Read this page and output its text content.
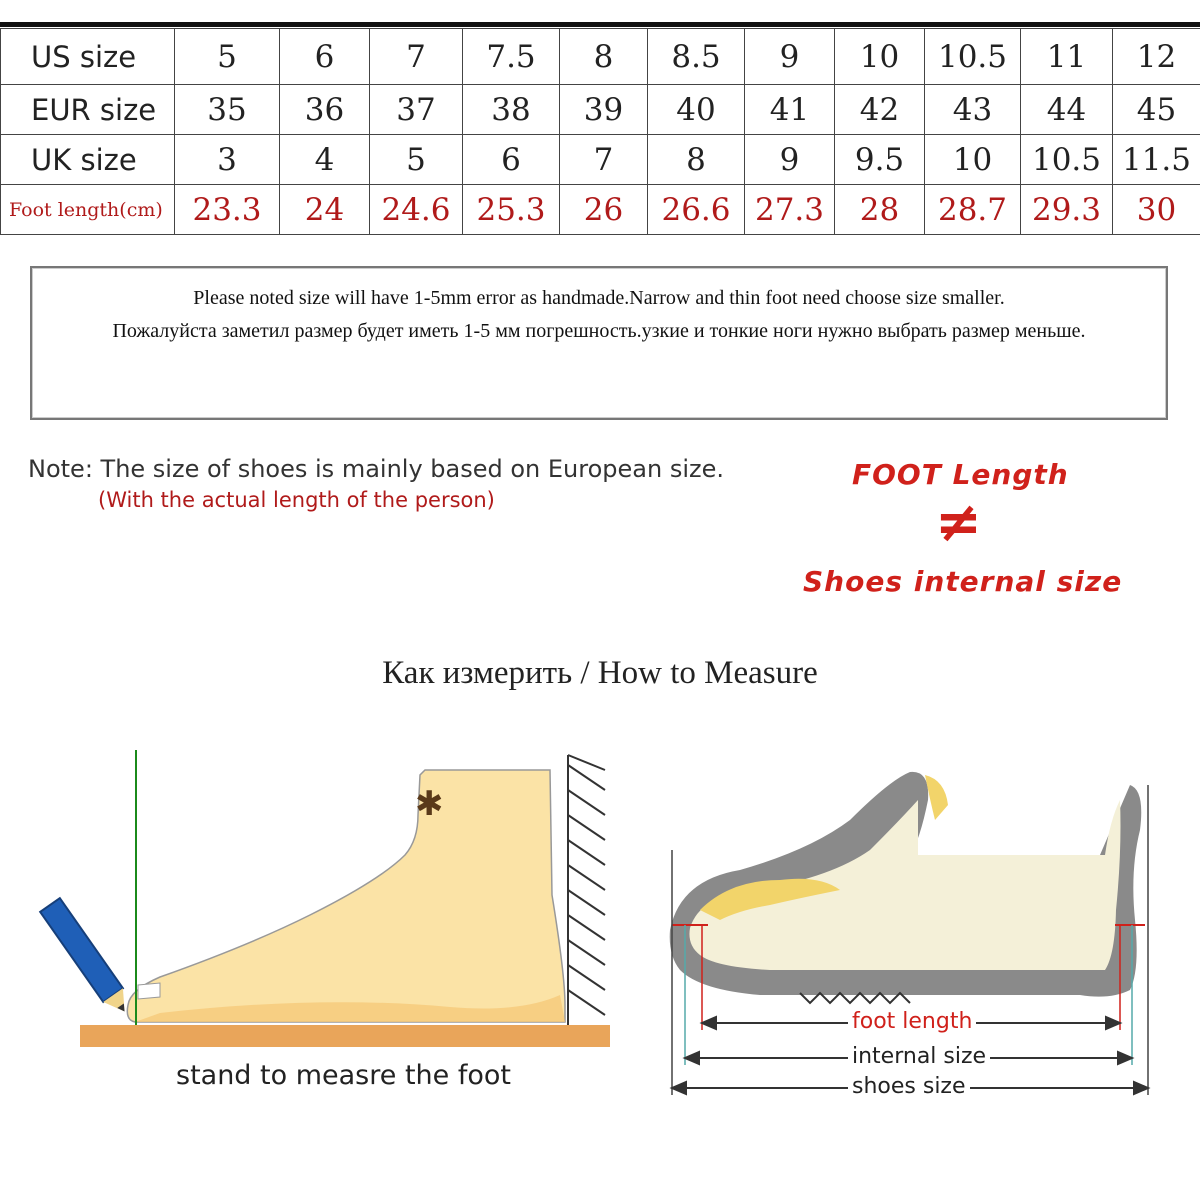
US size	5	6	7	7.5	8	8.5	9	10	10.5	11	12
EUR size	35	36	37	38	39	40	41	42	43	44	45
UK size	3	4	5	6	7	8	9	9.5	10	10.5	11.5
Foot length(cm)	23.3	24	24.6	25.3	26	26.6	27.3	28	28.7	29.3	30
Please noted size will have 1-5mm error as handmade.Narrow and thin foot need choose size smaller.
Пожалуйста заметил размер будет иметь 1-5 мм погрешность.узкие и тонкие ноги нужно выбрать размер меньше.
Note: The size of shoes is mainly based on European size.
(With the actual length of the person)
FOOT Length
≠
Shoes internal size
Как измерить / How to Measure
✱
stand to measre the foot
foot length
internal size
shoes size
